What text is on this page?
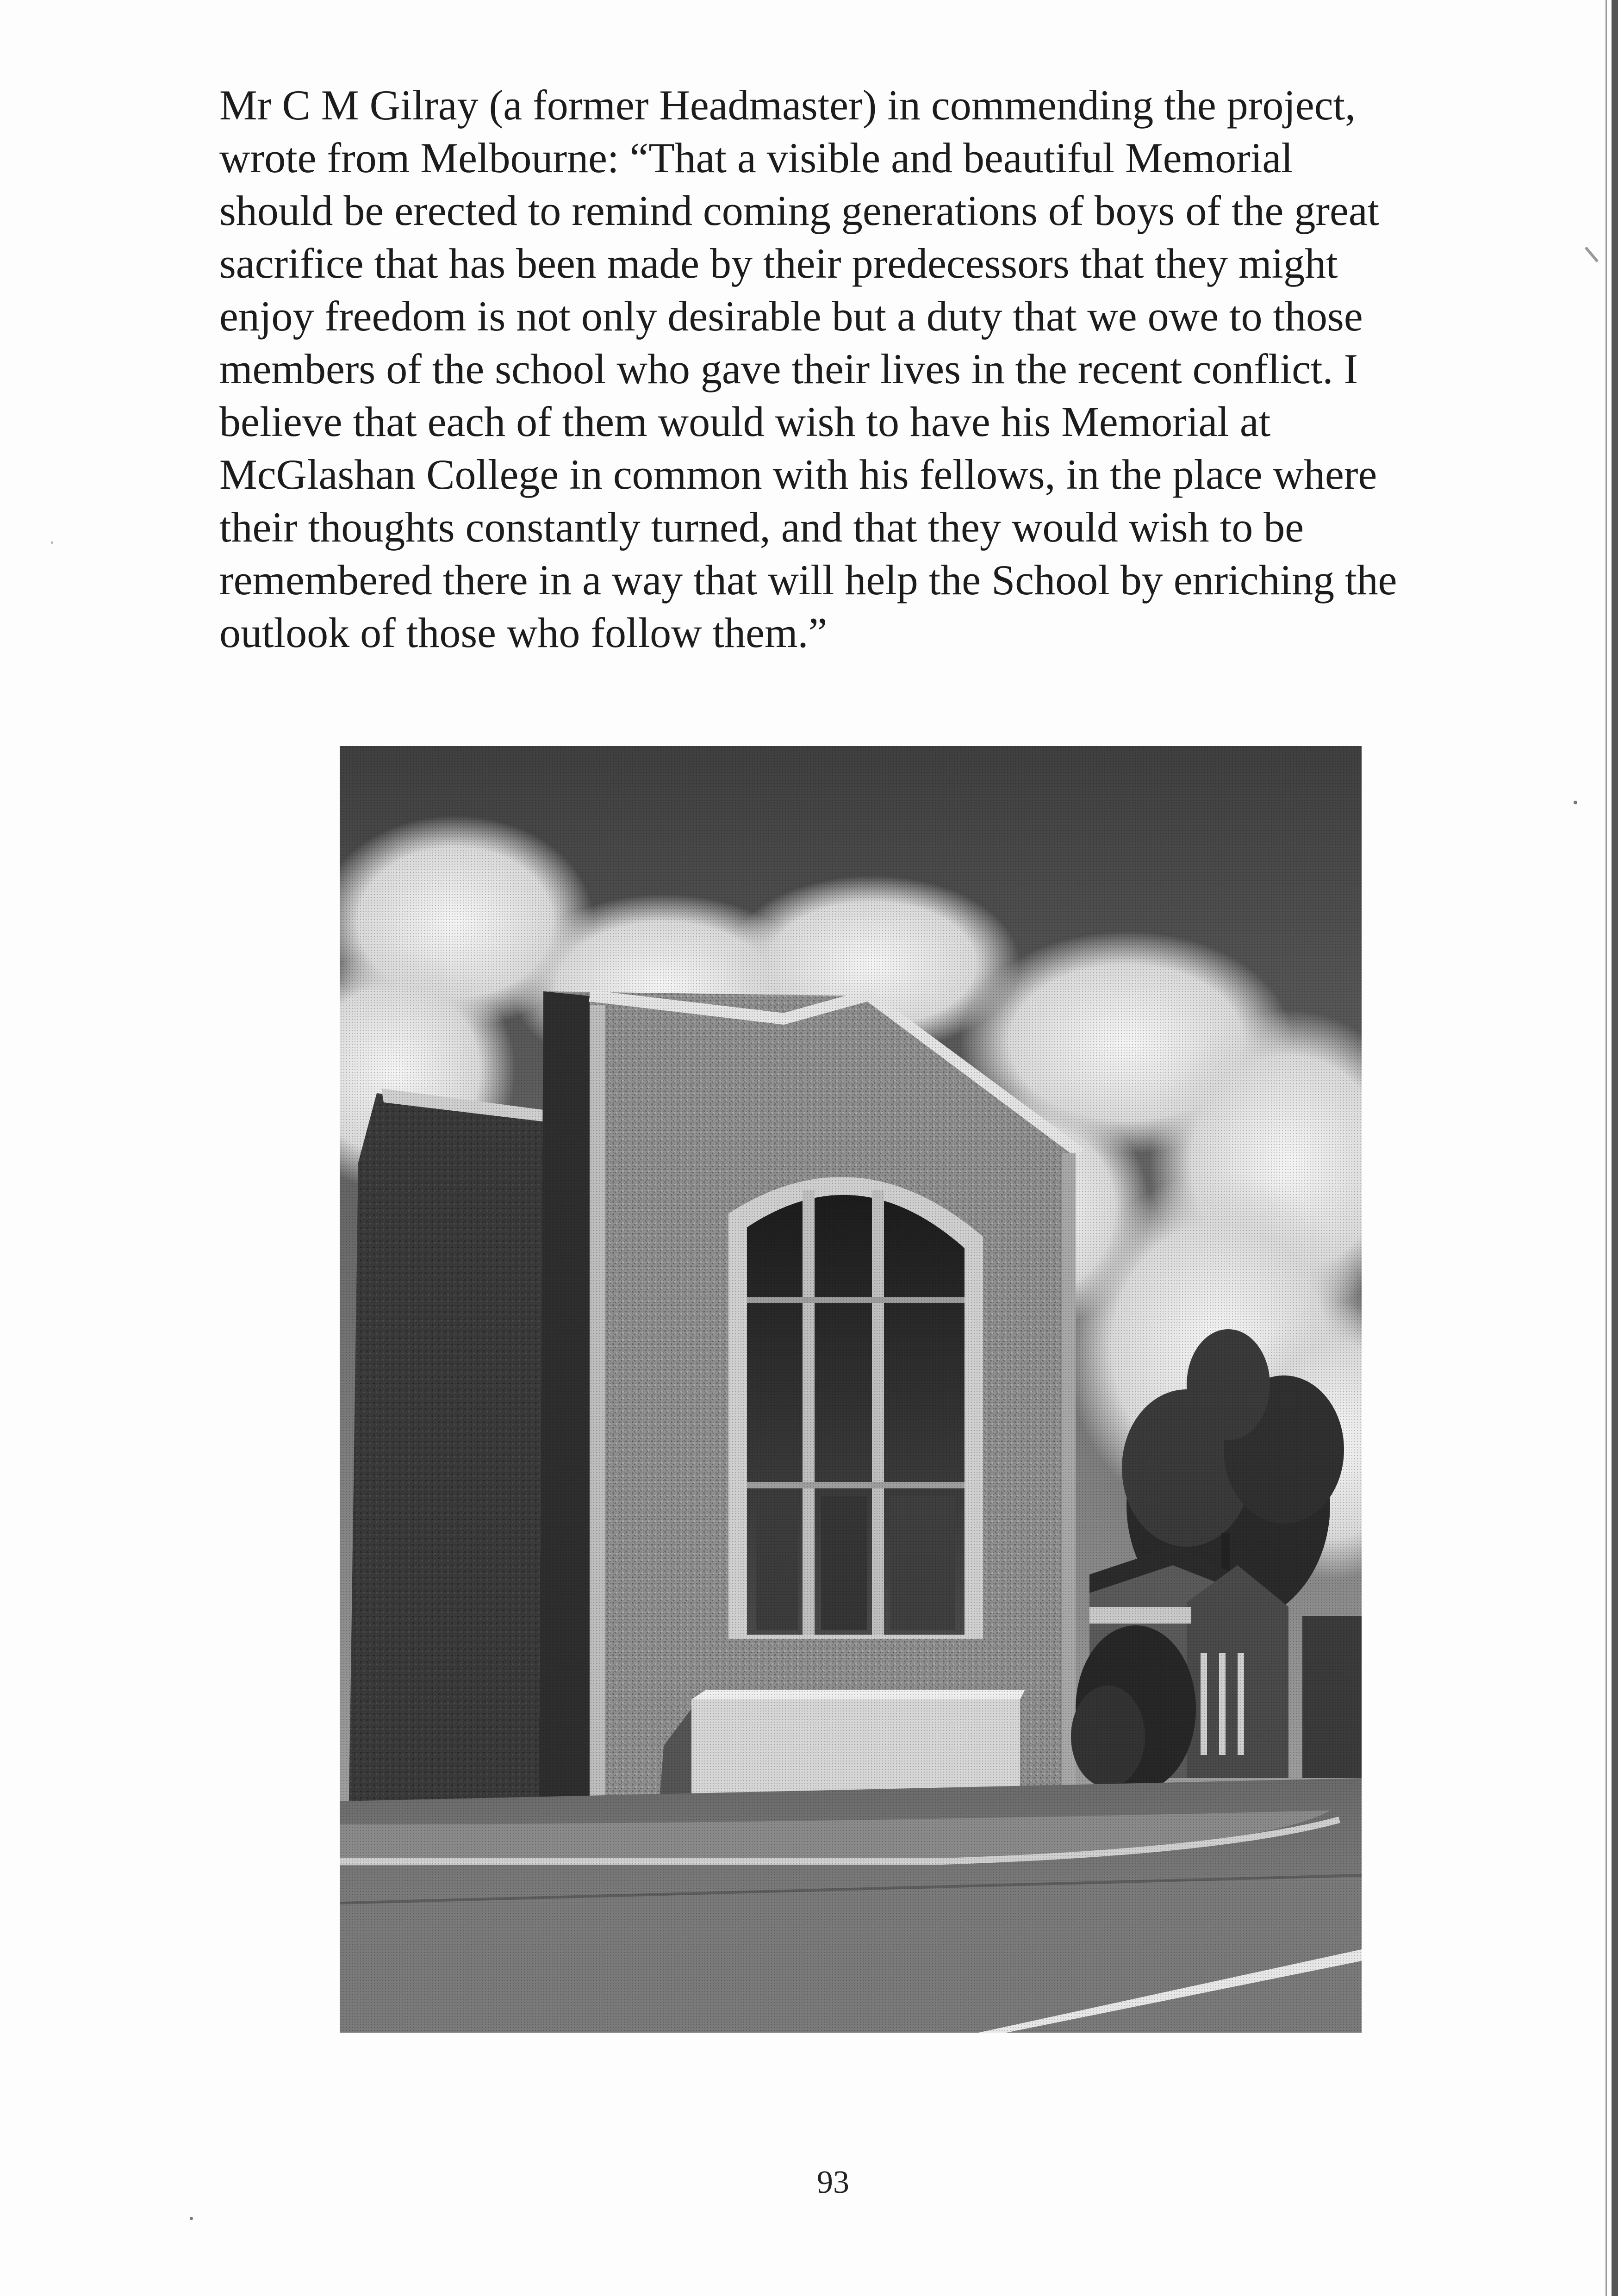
Mr C M Gilray (a former Headmaster) in commending the project,
wrote from Melbourne: “That a visible and beautiful Memorial
should be erected to remind coming generations of boys of the great
sacrifice that has been made by their predecessors that they might
enjoy freedom is not only desirable but a duty that we owe to those
members of the school who gave their lives in the recent conflict. I
believe that each of them would wish to have his Memorial at
McGlashan College in common with his fellows, in the place where
their thoughts constantly turned, and that they would wish to be
remembered there in a way that will help the School by enriching the
outlook of those who follow them.”

93
